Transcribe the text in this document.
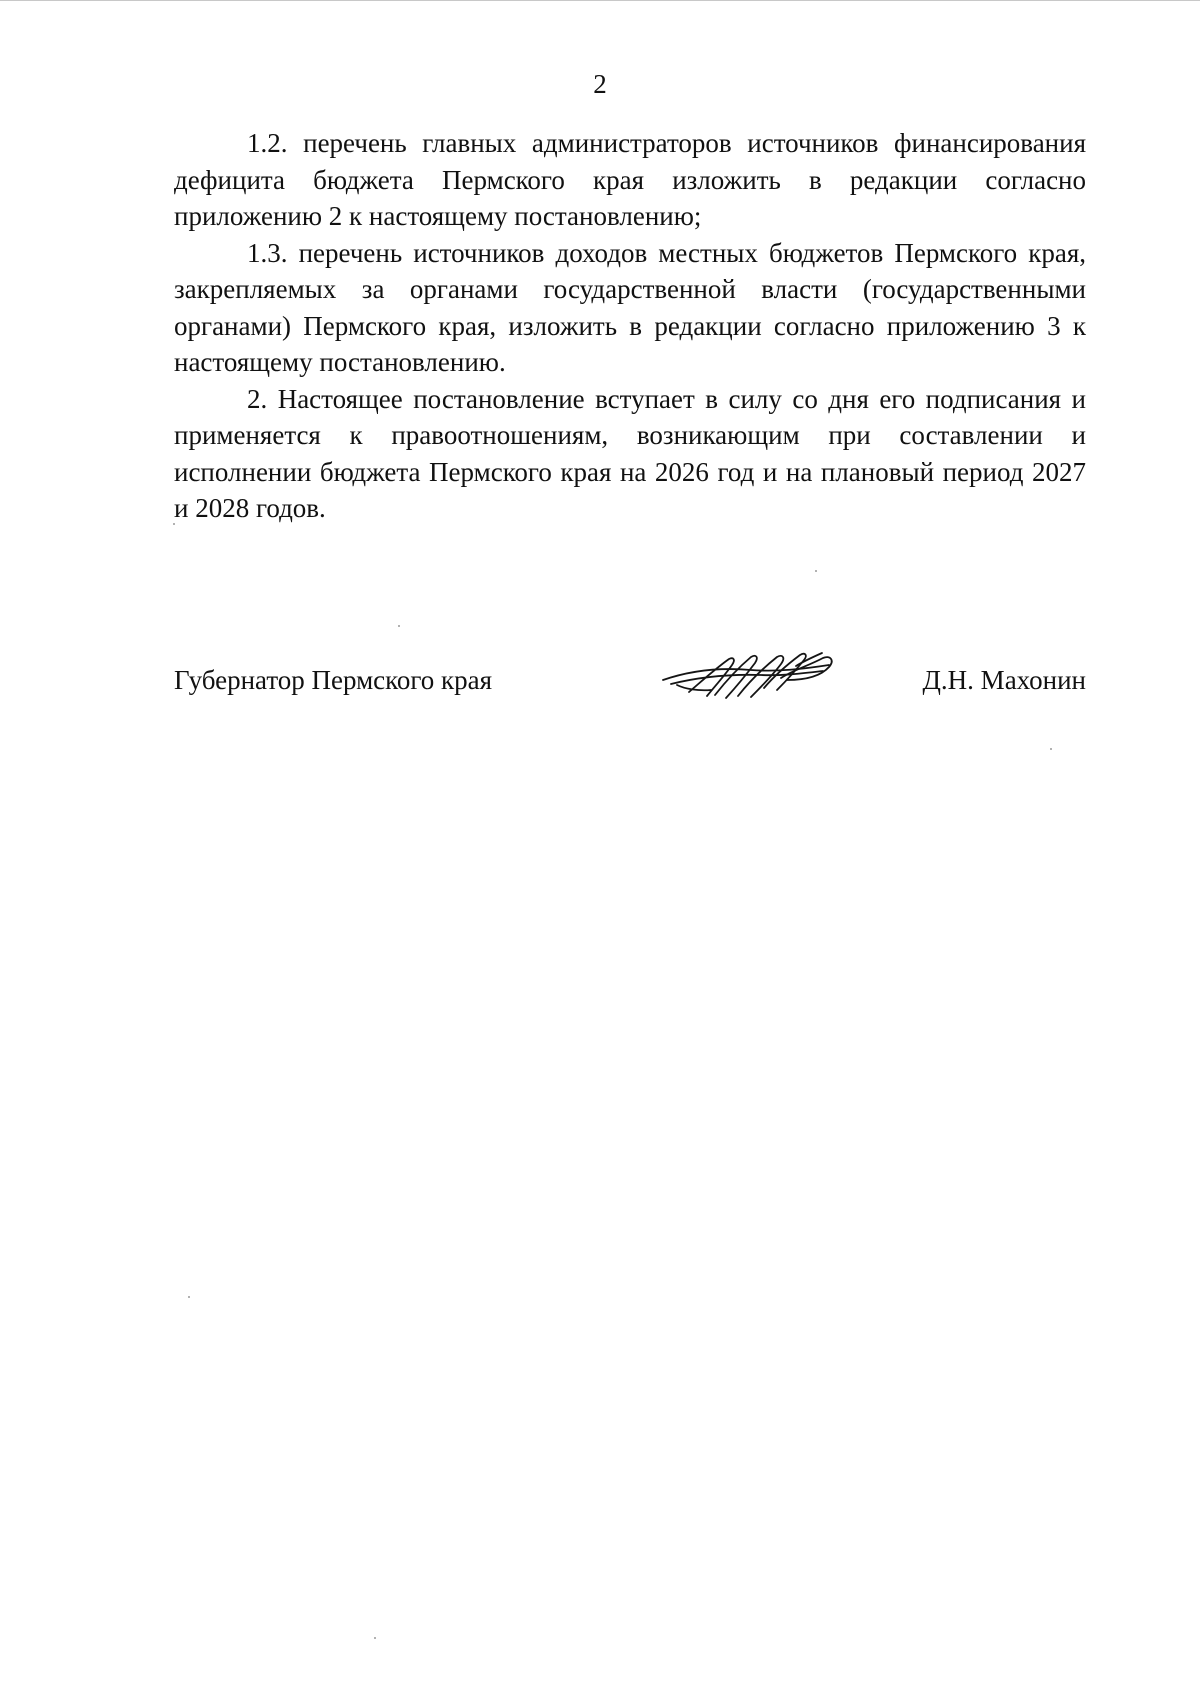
2

1.2. перечень главных администраторов источников финансирования дефицита бюджета Пермского края изложить в редакции согласно приложению 2 к настоящему постановлению;

1.3. перечень источников доходов местных бюджетов Пермского края, закрепляемых за органами государственной власти (государственными органами) Пермского края, изложить в редакции согласно приложению 3 к настоящему постановлению.

2. Настоящее постановление вступает в силу со дня его подписания и применяется к правоотношениям, возникающим при составлении и исполнении бюджета Пермского края на 2026 год и на плановый период 2027 и 2028 годов.

Губернатор Пермского края	Д.Н. Махонин
